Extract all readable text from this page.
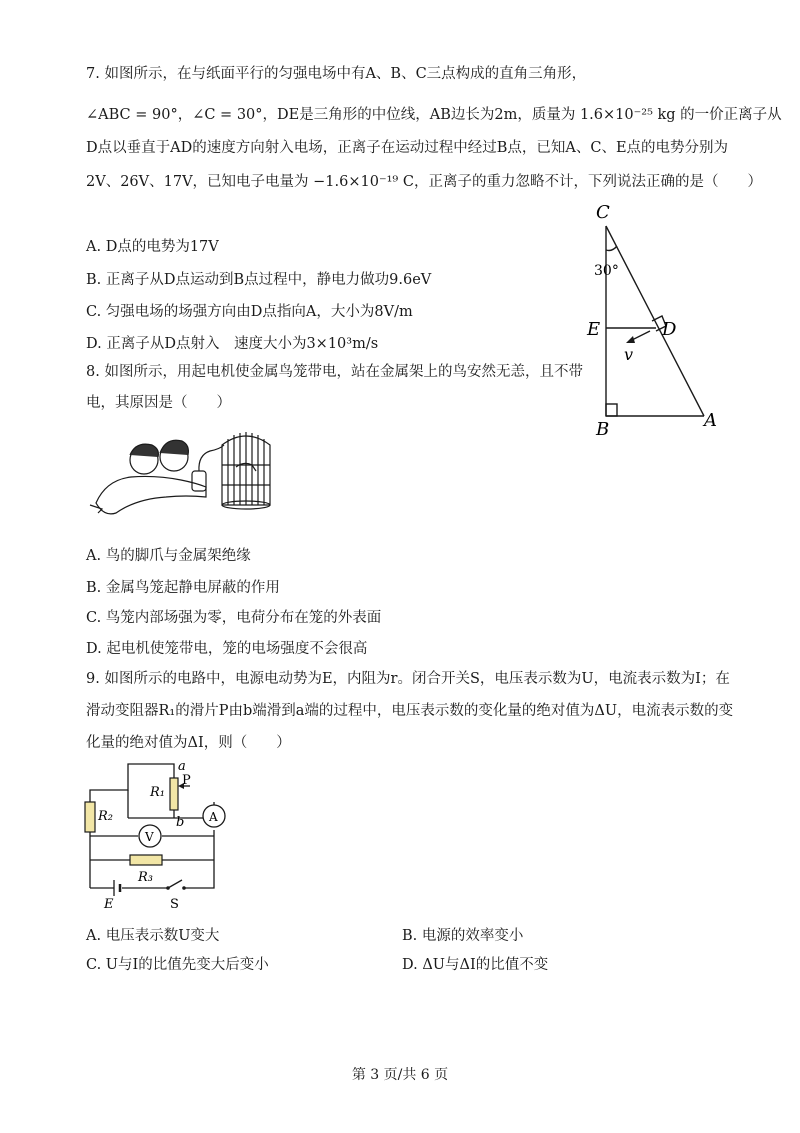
7. 如图所示，在与纸面平行的匀强电场中有A、B、C三点构成的直角三角形，
∠ABC = 90°，∠C = 30°，DE是三角形的中位线，AB边长为2m，质量为 1.6×10⁻²⁵ kg 的一价正离子从
D点以垂直于AD的速度方向射入电场，正离子在运动过程中经过B点，已知A、C、E点的电势分别为
2V、26V、17V，已知电子电量为 −1.6×10⁻¹⁹ C，正离子的重力忽略不计，下列说法正确的是（　　）
A. D点的电势为17V
B. 正离子从D点运动到B点过程中，静电力做功9.6eV
C. 匀强电场的场强方向由D点指向A，大小为8V/m
D. 正离子从D点射入　速度大小为3×10³m/s
C
30°
E	D
v
B	A
8. 如图所示，用起电机使金属鸟笼带电，站在金属架上的鸟安然无恙，且不带
电，其原因是（　　）
A. 鸟的脚爪与金属架绝缘
B. 金属鸟笼起静电屏蔽的作用
C. 鸟笼内部场强为零，电荷分布在笼的外表面
D. 起电机使笼带电，笼的电场强度不会很高
9. 如图所示的电路中，电源电动势为E，内阻为r。闭合开关S，电压表示数为U，电流表示数为I；在
滑动变阻器R₁的滑片P由b端滑到a端的过程中，电压表示数的变化量的绝对值为ΔU，电流表示数的变
化量的绝对值为ΔI，则（　　）
a
P
R₁
b
R₂
V
A
R₃
E	S
A. 电压表示数U变大	B. 电源的效率变小
C. U与I的比值先变大后变小	D. ΔU与ΔI的比值不变
第 3 页/共 6 页
